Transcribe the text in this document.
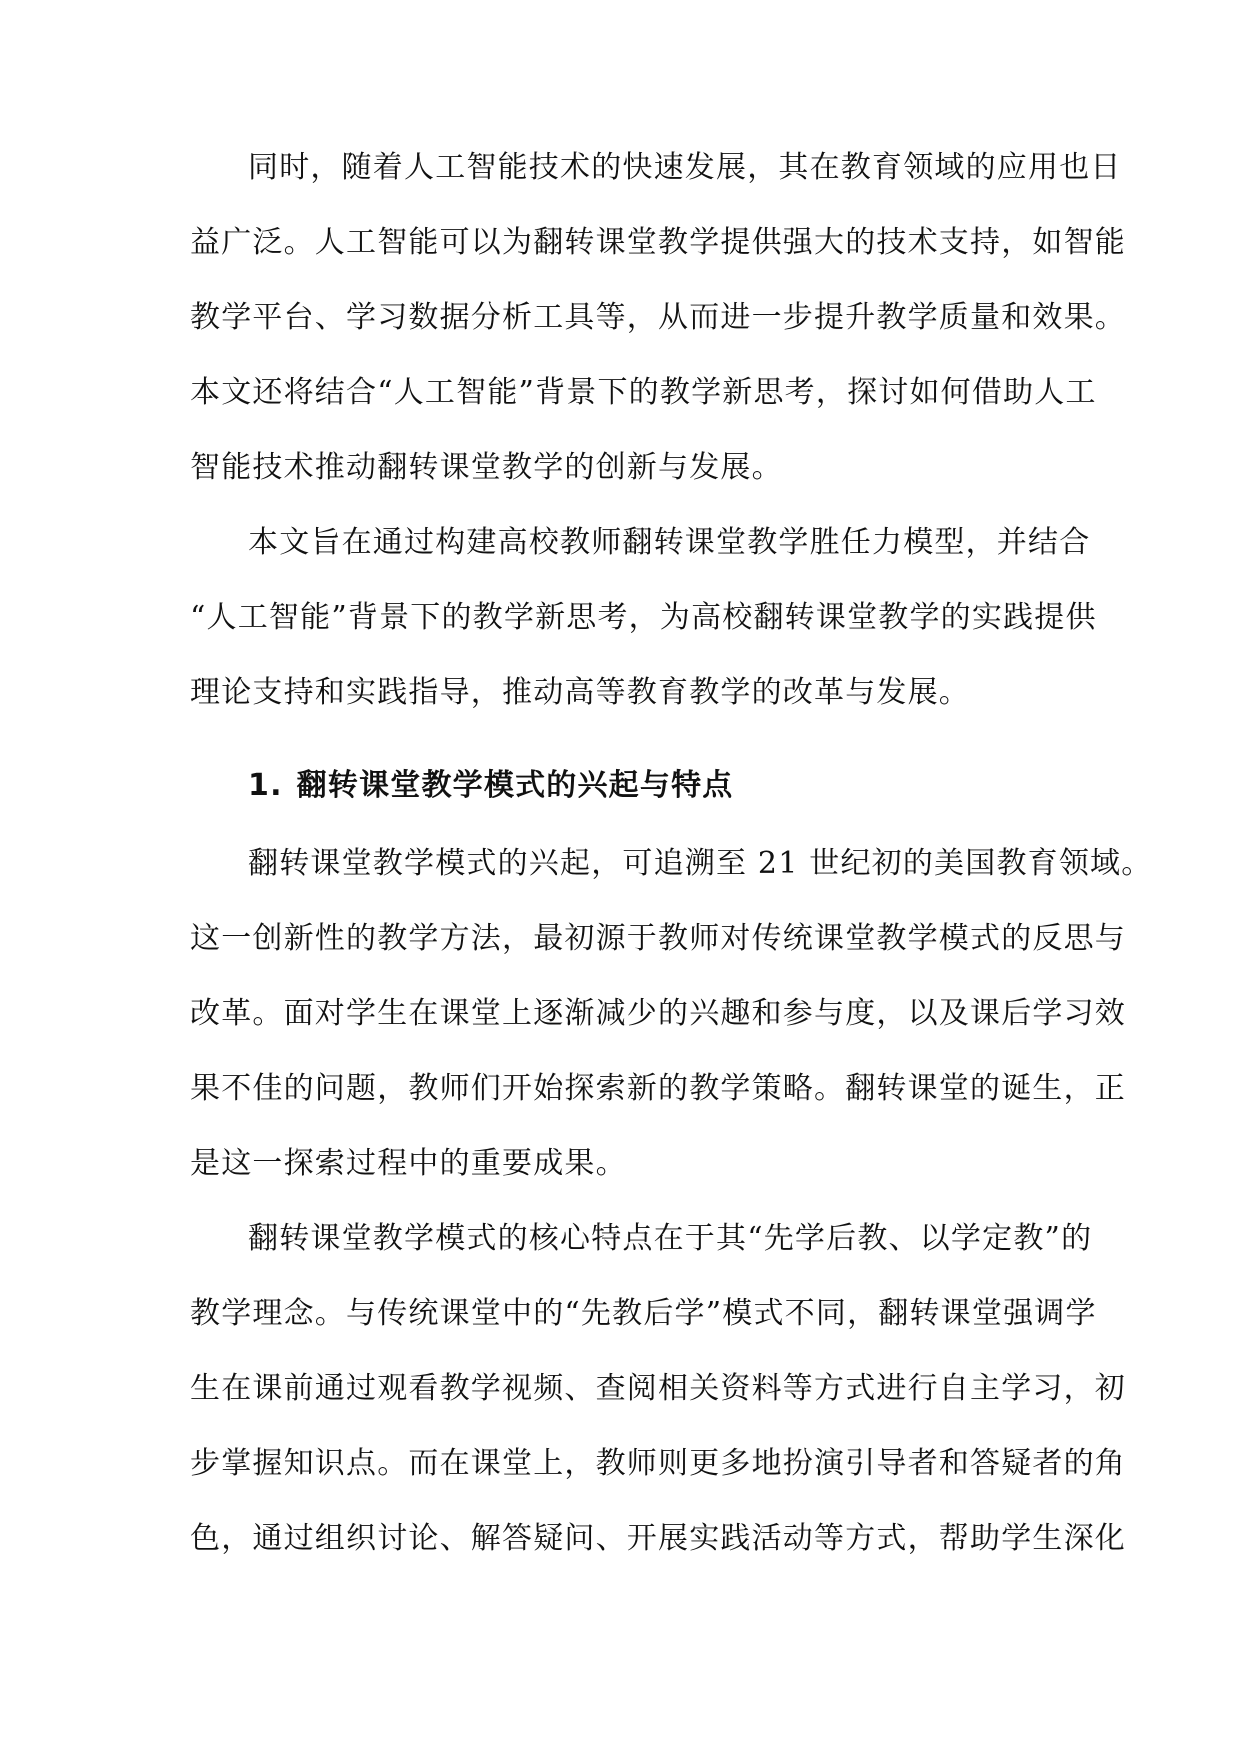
同时，随着人工智能技术的快速发展，其在教育领域的应用也日
益广泛。人工智能可以为翻转课堂教学提供强大的技术支持，如智能
教学平台、学习数据分析工具等，从而进一步提升教学质量和效果。
本文还将结合“人工智能”背景下的教学新思考，探讨如何借助人工
智能技术推动翻转课堂教学的创新与发展。
本文旨在通过构建高校教师翻转课堂教学胜任力模型，并结合
“人工智能”背景下的教学新思考，为高校翻转课堂教学的实践提供
理论支持和实践指导，推动高等教育教学的改革与发展。
1. 翻转课堂教学模式的兴起与特点
翻转课堂教学模式的兴起，可追溯至 21 世纪初的美国教育领域。
这一创新性的教学方法，最初源于教师对传统课堂教学模式的反思与
改革。面对学生在课堂上逐渐减少的兴趣和参与度，以及课后学习效
果不佳的问题，教师们开始探索新的教学策略。翻转课堂的诞生，正
是这一探索过程中的重要成果。
翻转课堂教学模式的核心特点在于其“先学后教、以学定教”的
教学理念。与传统课堂中的“先教后学”模式不同，翻转课堂强调学
生在课前通过观看教学视频、查阅相关资料等方式进行自主学习，初
步掌握知识点。而在课堂上，教师则更多地扮演引导者和答疑者的角
色，通过组织讨论、解答疑问、开展实践活动等方式，帮助学生深化
